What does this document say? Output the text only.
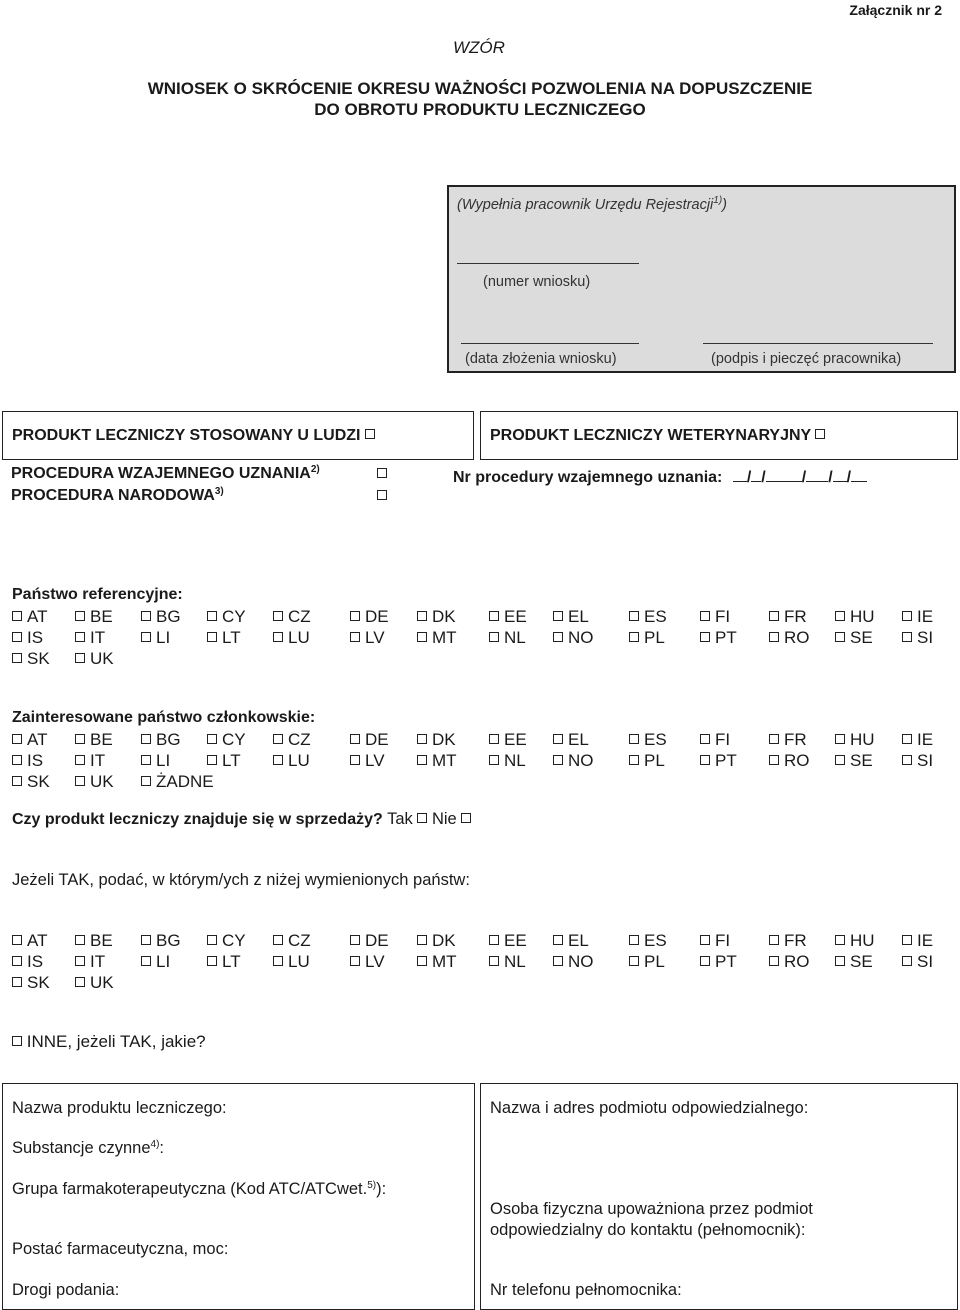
Załącznik nr 2
WZÓR
WNIOSEK O SKRÓCENIE OKRESU WAŻNOŚCI POZWOLENIA NA DOPUSZCZENIE
DO OBROTU PRODUKTU LECZNICZEGO
(Wypełnia pracownik Urzędu Rejestracji$^{1)}$)
(numer wniosku)
(data złożenia wniosku)	(podpis i pieczęć pracownika)
PRODUKT LECZNICZY STOSOWANY U LUDZI	PRODUKT LECZNICZY WETERYNARYJNY
PROCEDURA WZAJEMNEGO UZNANIA$^{2)}$
PROCEDURA NARODOWA$^{3)}$
Nr procedury wzajemnego uznania: / / / / /
Państwo referencyjne:
AT	BE	BG	CY	CZ	DE	DK	EE	EL	ES	FI	FR	HU	IE
IS	IT	LI	LT	LU	LV	MT	NL	NO	PL	PT	RO	SE	SI
SK	UK
Zainteresowane państwo członkowskie:
AT	BE	BG	CY	CZ	DE	DK	EE	EL	ES	FI	FR	HU	IE
IS	IT	LI	LT	LU	LV	MT	NL	NO	PL	PT	RO	SE	SI
SK	UK	ŻADNE
Czy produkt leczniczy znajduje się w sprzedaży? Tak Nie
Jeżeli TAK, podać, w którym/ych z niżej wymienionych państw:
AT	BE	BG	CY	CZ	DE	DK	EE	EL	ES	FI	FR	HU	IE
IS	IT	LI	LT	LU	LV	MT	NL	NO	PL	PT	RO	SE	SI
SK	UK
INNE, jeżeli TAK, jakie?
Nazwa produktu leczniczego:
Substancje czynne$^{4)}$:
Grupa farmakoterapeutyczna (Kod ATC/ATCwet.$^{5)}$):
Postać farmaceutyczna, moc:
Drogi podania:
Nazwa i adres podmiotu odpowiedzialnego:
Osoba fizyczna upoważniona przez podmiot
odpowiedzialny do kontaktu (pełnomocnik):
Nr telefonu pełnomocnika:
